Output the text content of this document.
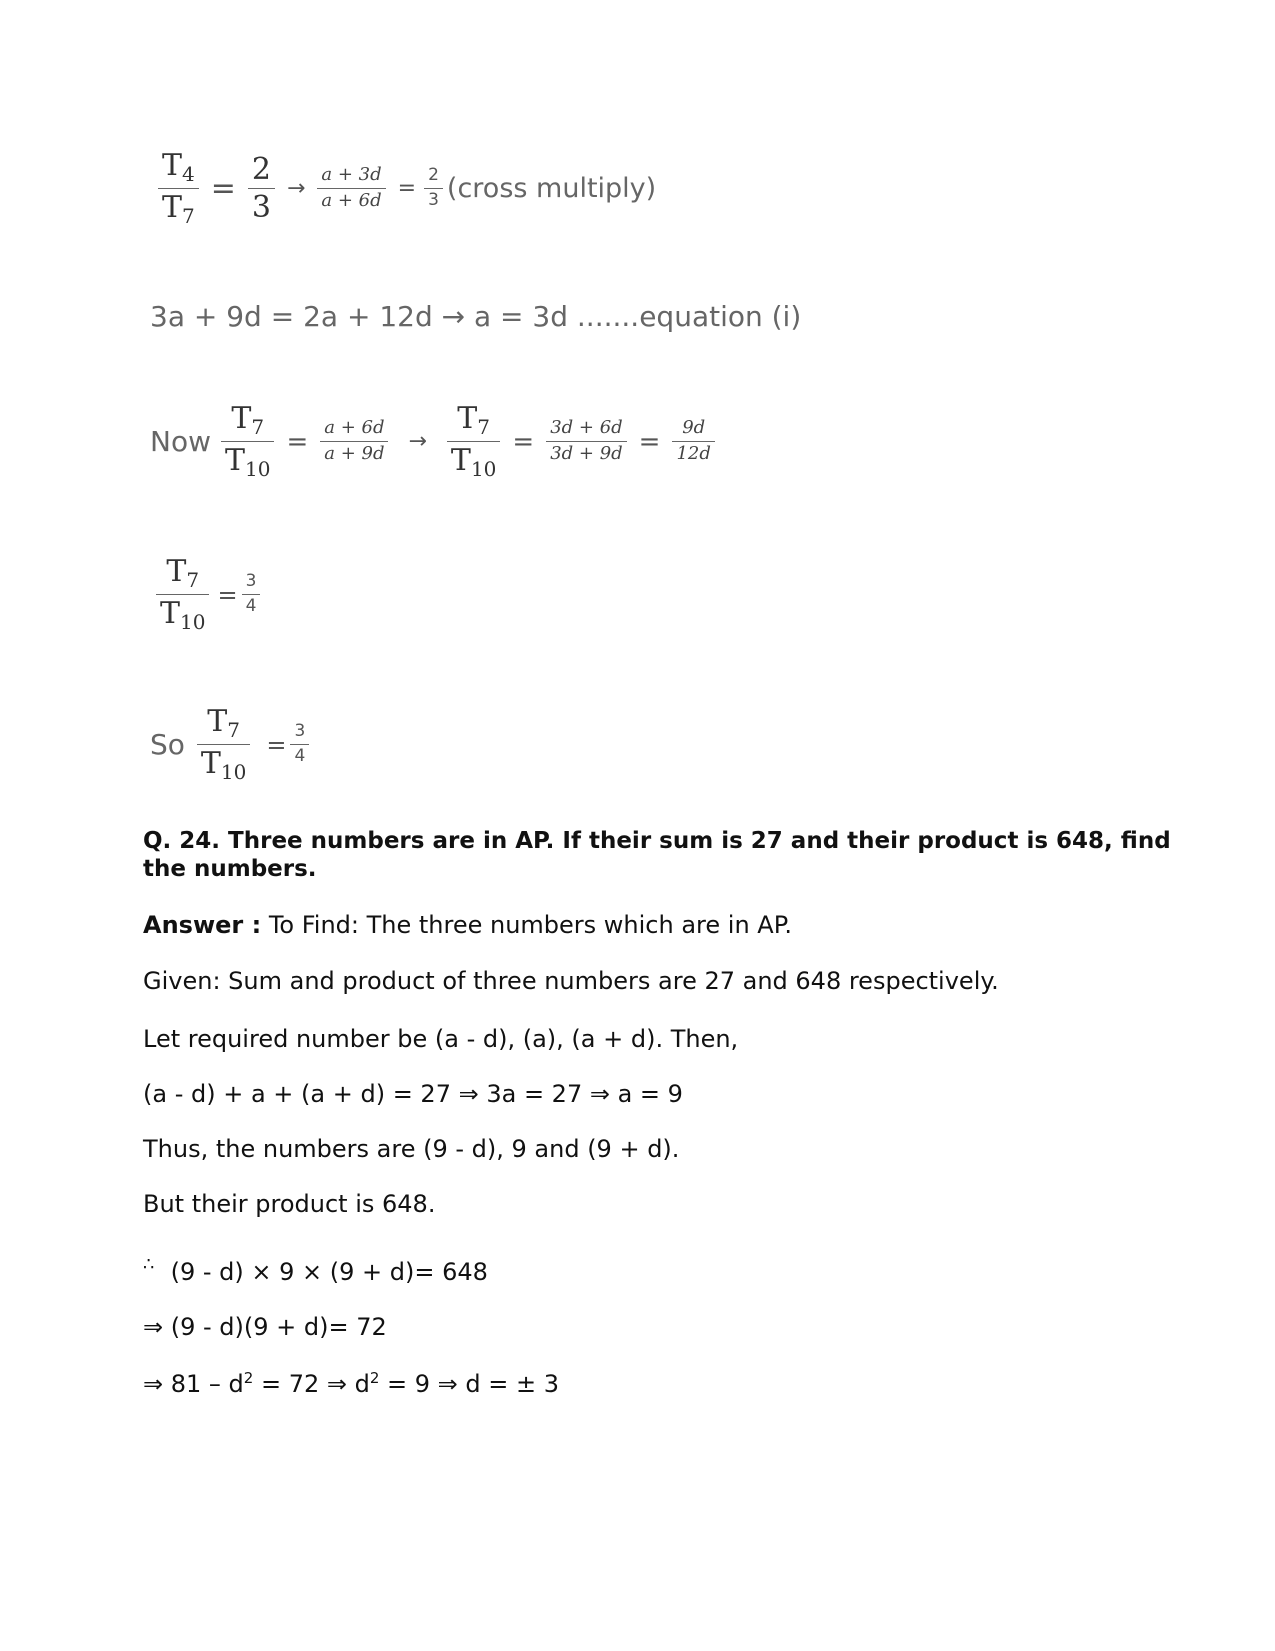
$\frac{T_4}{T_7} = \frac{2}{3} \to \frac{a + 3d}{a + 6d} = \frac{2}{3}$ (cross multiply)
3a + 9d = 2a + 12d → a = 3d .......equation (i)
Now $\frac{T_7}{T_{10}} = \frac{a + 6d}{a + 9d} \to \frac{T_7}{T_{10}} = \frac{3d + 6d}{3d + 9d} = \frac{9d}{12d}$
$\frac{T_7}{T_{10}} = \frac{3}{4}$
So $\frac{T_7}{T_{10}} = \frac{3}{4}$
Q. 24. Three numbers are in AP. If their sum is 27 and their product is 648, find
the numbers.
Answer : To Find: The three numbers which are in AP.
Given: Sum and product of three numbers are 27 and 648 respectively.
Let required number be (a - d), (a), (a + d). Then,
(a - d) + a + (a + d) = 27 ⇒ 3a = 27 ⇒ a = 9
Thus, the numbers are (9 - d), 9 and (9 + d).
But their product is 648.
∴ (9 - d) × 9 × (9 + d)= 648
⇒ (9 - d)(9 + d)= 72
⇒ $81 - d^2 = 72$ ⇒ $d^2 = 9$ ⇒ d = ± 3
